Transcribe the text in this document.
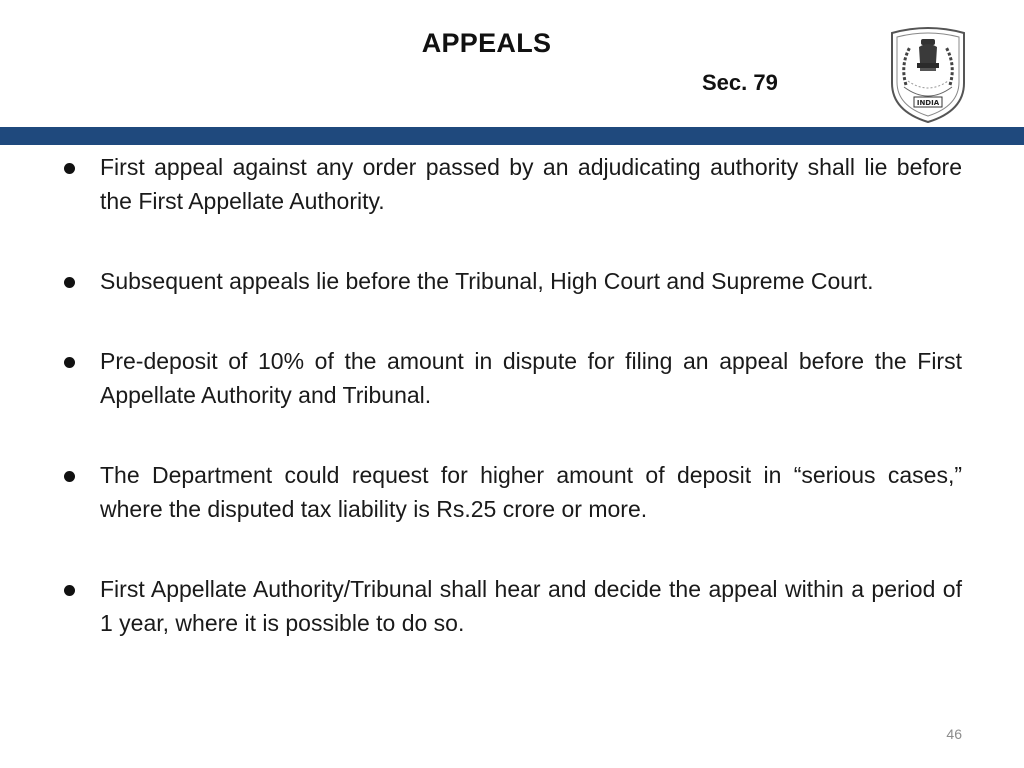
APPEALS
Sec. 79
INDIA
First appeal against any order passed by an adjudicating authority shall lie before the First Appellate Authority.
Subsequent appeals lie before the Tribunal, High Court and Supreme Court.
Pre-deposit of 10% of the amount in dispute for filing an appeal before the First Appellate Authority and Tribunal.
The Department could request for higher amount of deposit in “serious cases,” where the disputed tax liability is Rs.25 crore or more.
First Appellate Authority/Tribunal shall hear and decide the appeal within a period of 1 year, where it is possible to do so.
46
